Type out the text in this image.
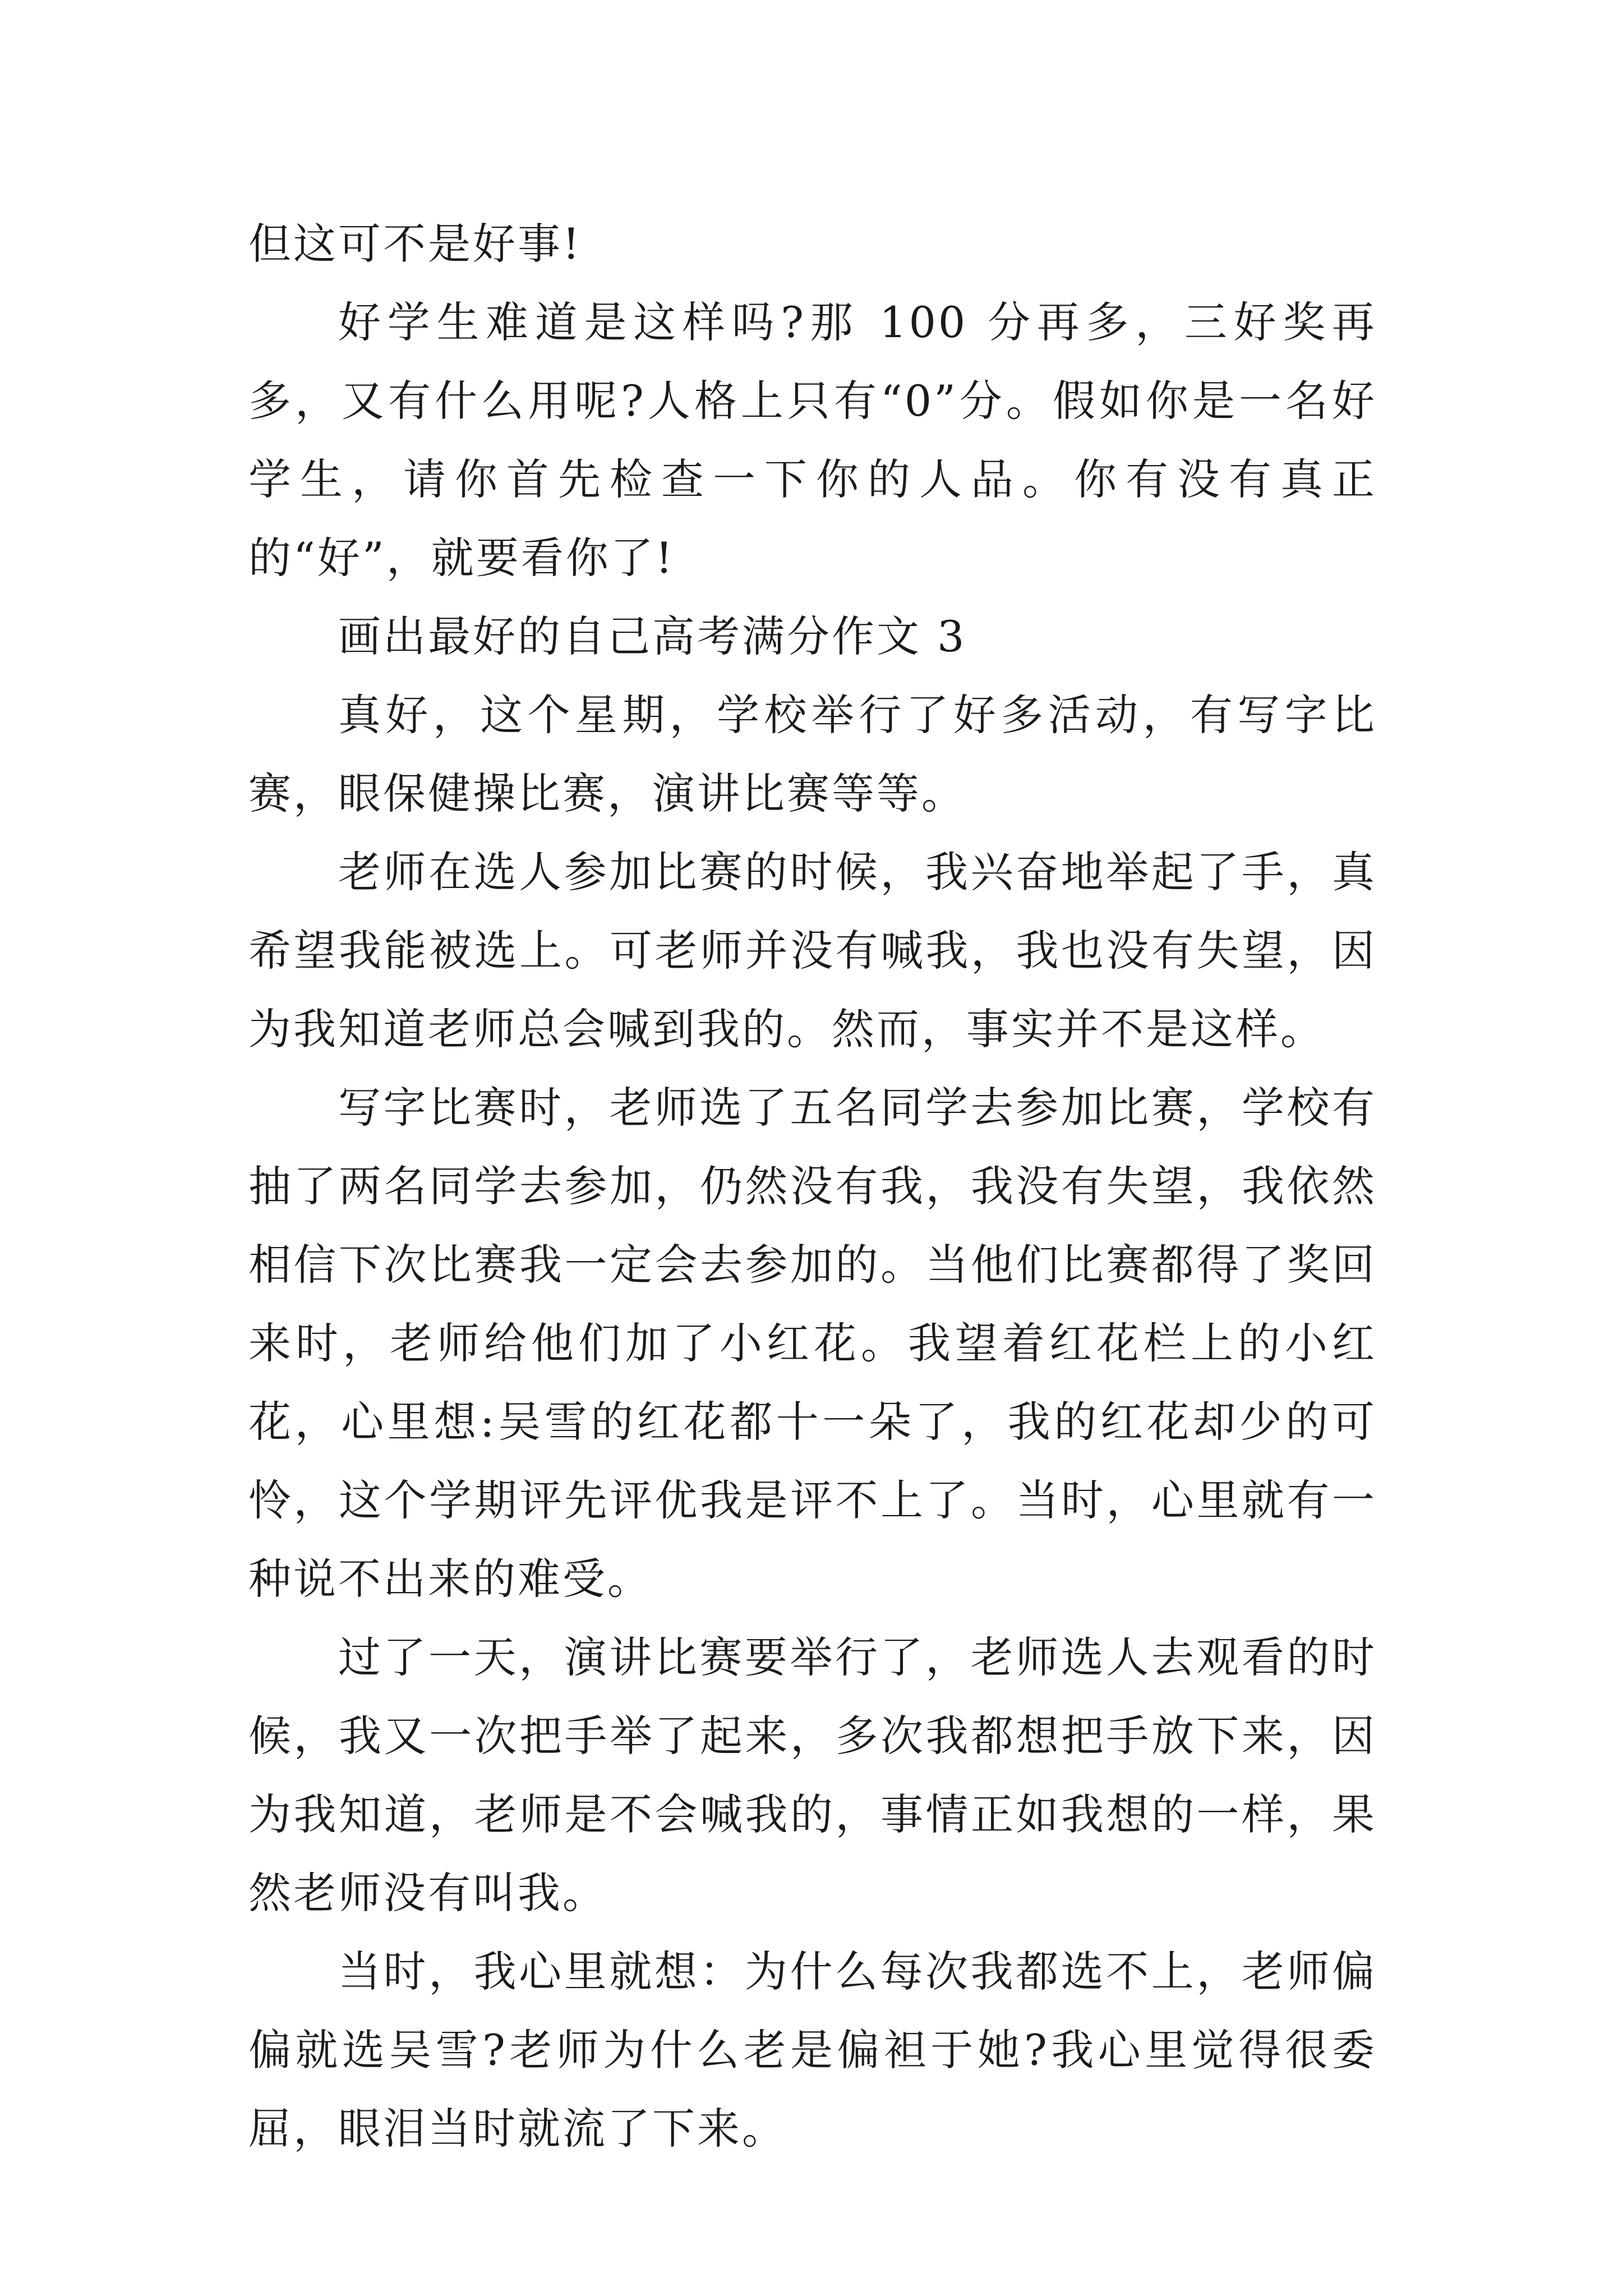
但这可不是好事!

好学生难道是这样吗?那 100 分再多，三好奖再多，又有什么用呢?人格上只有“0”分。假如你是一名好学生，请你首先检查一下你的人品。你有没有真正的“好”，就要看你了!

画出最好的自己高考满分作文 3

真好，这个星期，学校举行了好多活动，有写字比赛，眼保健操比赛，演讲比赛等等。

老师在选人参加比赛的时候，我兴奋地举起了手，真希望我能被选上。可老师并没有喊我，我也没有失望，因为我知道老师总会喊到我的。然而，事实并不是这样。

写字比赛时，老师选了五名同学去参加比赛，学校有抽了两名同学去参加，仍然没有我，我没有失望，我依然相信下次比赛我一定会去参加的。当他们比赛都得了奖回来时，老师给他们加了小红花。我望着红花栏上的小红花，心里想:吴雪的红花都十一朵了，我的红花却少的可怜，这个学期评先评优我是评不上了。当时，心里就有一种说不出来的难受。

过了一天，演讲比赛要举行了，老师选人去观看的时候，我又一次把手举了起来，多次我都想把手放下来，因为我知道，老师是不会喊我的，事情正如我想的一样，果然老师没有叫我。

当时，我心里就想：为什么每次我都选不上，老师偏偏就选吴雪?老师为什么老是偏袒于她?我心里觉得很委屈，眼泪当时就流了下来。
